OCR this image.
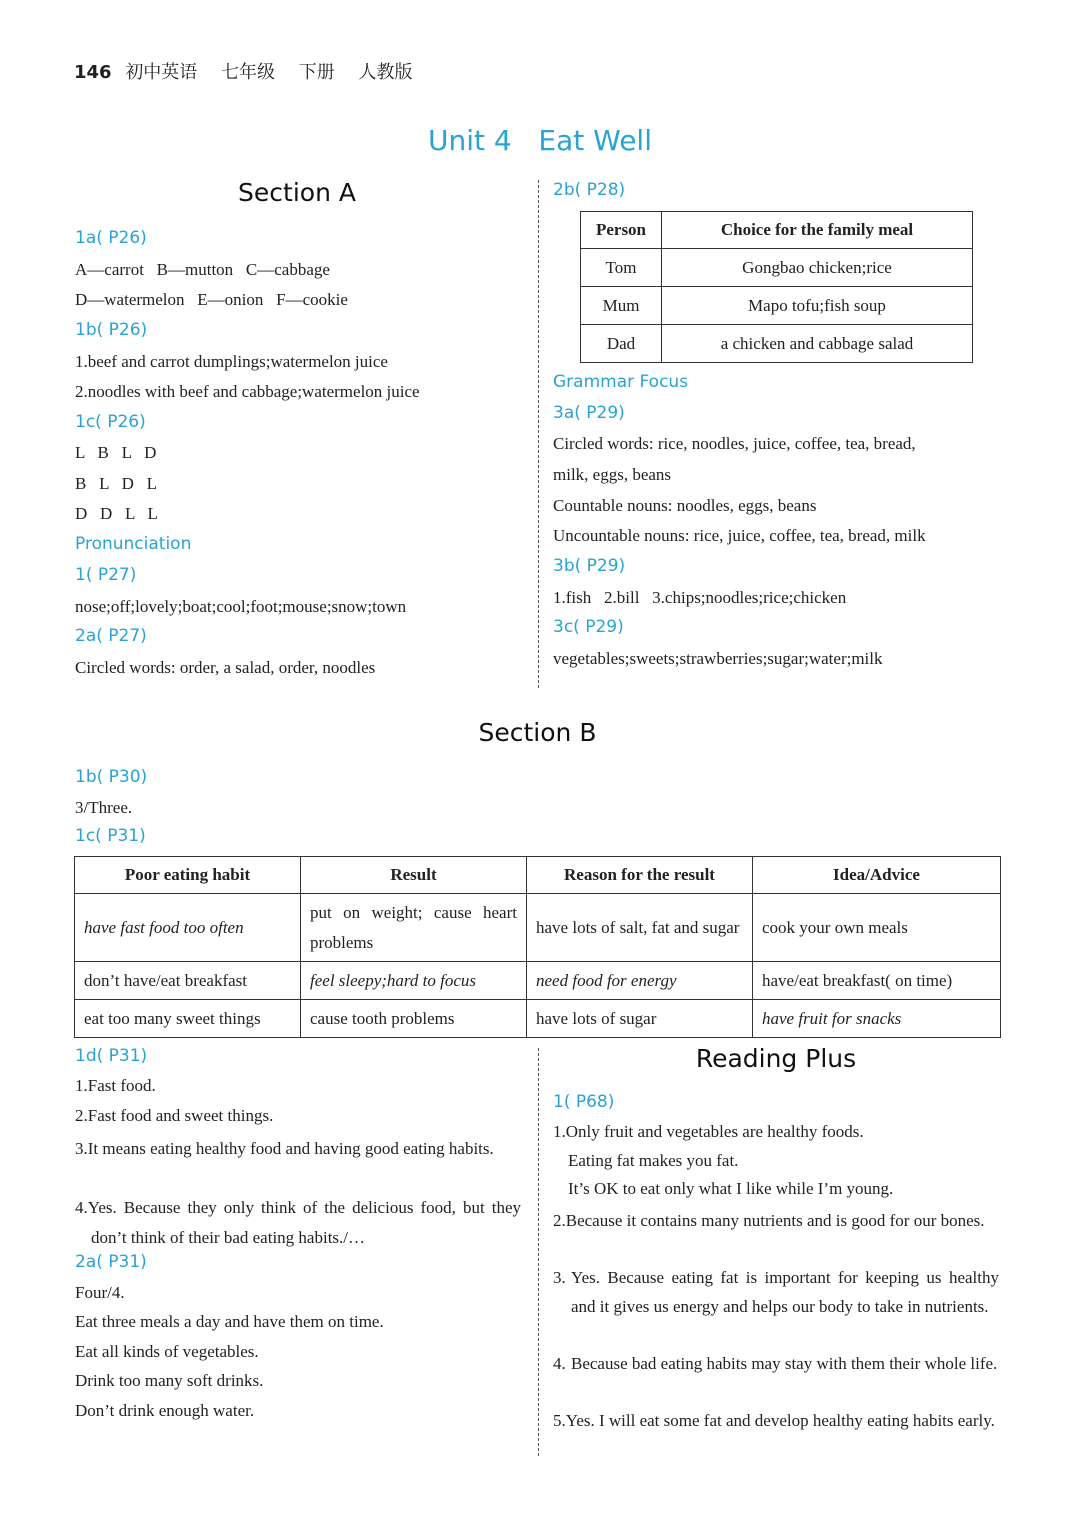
146 初中英语 七年级 下册 人教版
Unit 4   Eat Well
Section A
1a( P26)
A—carrot   B—mutton   C—cabbage
D—watermelon   E—onion   F—cookie
1b( P26)
1.beef and carrot dumplings;watermelon juice
2.noodles with beef and cabbage;watermelon juice
1c( P26)
L   B   L   D
B   L   D   L
D   D   L   L
Pronunciation
1( P27)
nose;off;lovely;boat;cool;foot;mouse;snow;town
2a( P27)
Circled words: order, a salad, order, noodles
2b( P28)
Person	Choice for the family meal
Tom	Gongbao chicken;rice
Mum	Mapo tofu;fish soup
Dad	a chicken and cabbage salad
Grammar Focus
3a( P29)
Circled words: rice, noodles, juice, coffee, tea, bread,
milk, eggs, beans
Countable nouns: noodles, eggs, beans
Uncountable nouns: rice, juice, coffee, tea, bread, milk
3b( P29)
1.fish   2.bill   3.chips;noodles;rice;chicken
3c( P29)
vegetables;sweets;strawberries;sugar;water;milk
Section B
1b( P30)
3/Three.
1c( P31)
Poor eating habit	Result	Reason for the result	Idea/Advice
have fast food too often	put on weight; cause heart problems	have lots of salt, fat and sugar	cook your own meals
don’t have/eat breakfast	feel sleepy;hard to focus	need food for energy	have/eat breakfast( on time)
eat too many sweet things	cause tooth problems	have lots of sugar	have fruit for snacks
1d( P31)
1.Fast food.
2.Fast food and sweet things.
3.It means eating healthy food and having good eating habits.
4.Yes. Because they only think of the delicious food, but they don’t think of their bad eating habits./…
2a( P31)
Four/4.
Eat three meals a day and have them on time.
Eat all kinds of vegetables.
Drink too many soft drinks.
Don’t drink enough water.
Reading Plus
1( P68)
1.Only fruit and vegetables are healthy foods.
Eating fat makes you fat.
It’s OK to eat only what I like while I’m young.
2.Because it contains many nutrients and is good for our bones.
3. Yes. Because eating fat is important for keeping us healthy and it gives us energy and helps our body to take in nutrients.
4. Because bad eating habits may stay with them their whole life.
5.Yes. I will eat some fat and develop healthy eating habits early.
